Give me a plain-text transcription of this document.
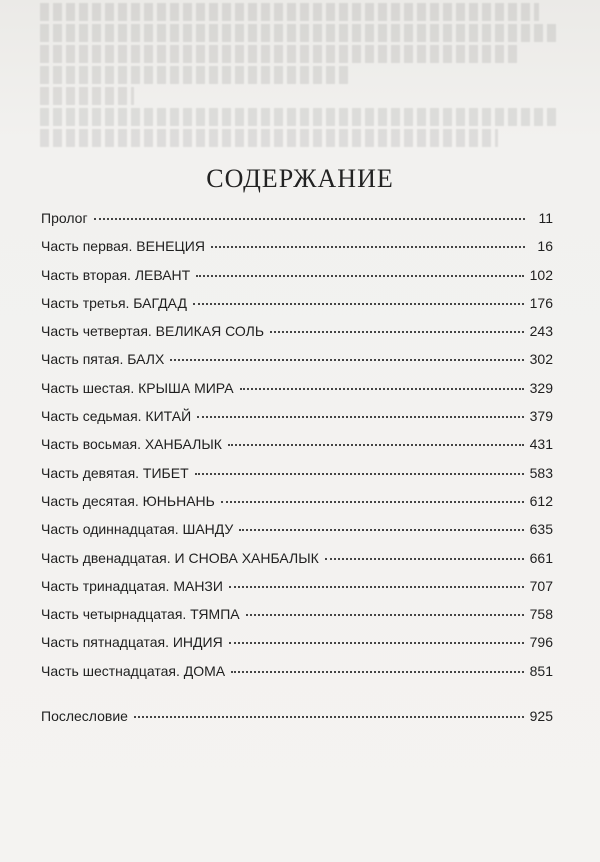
СОДЕРЖАНИЕ
Пролог	11
Часть первая. ВЕНЕЦИЯ	16
Часть вторая. ЛЕВАНТ	102
Часть третья. БАГДАД	176
Часть четвертая. ВЕЛИКАЯ СОЛЬ	243
Часть пятая. БАЛХ	302
Часть шестая. КРЫША МИРА	329
Часть седьмая. КИТАЙ	379
Часть восьмая. ХАНБАЛЫК	431
Часть девятая. ТИБЕТ	583
Часть десятая. ЮНЬНАНЬ	612
Часть одиннадцатая. ШАНДУ	635
Часть двенадцатая. И СНОВА ХАНБАЛЫК	661
Часть тринадцатая. МАНЗИ	707
Часть четырнадцатая. ТЯМПА	758
Часть пятнадцатая. ИНДИЯ	796
Часть шестнадцатая. ДОМА	851
Послесловие	925
